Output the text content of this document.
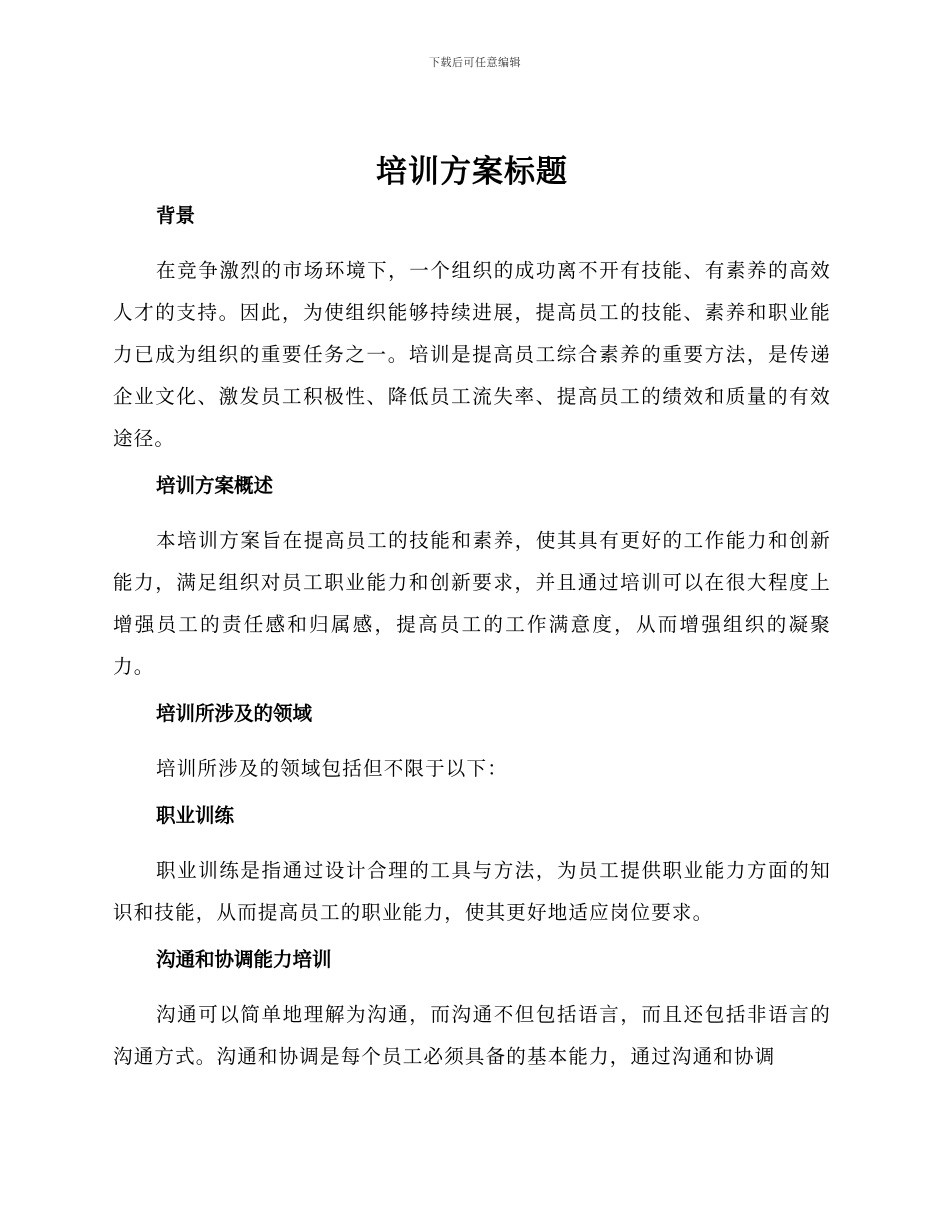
下载后可任意编辑
培训方案标题
背景

在竞争激烈的市场环境下，一个组织的成功离不开有技能、有素养的高效人才的支持。因此，为使组织能够持续进展，提高员工的技能、素养和职业能力已成为组织的重要任务之一。培训是提高员工综合素养的重要方法，是传递企业文化、激发员工积极性、降低员工流失率、提高员工的绩效和质量的有效途径。

培训方案概述

本培训方案旨在提高员工的技能和素养，使其具有更好的工作能力和创新能力，满足组织对员工职业能力和创新要求，并且通过培训可以在很大程度上增强员工的责任感和归属感，提高员工的工作满意度，从而增强组织的凝聚力。

培训所涉及的领域

培训所涉及的领域包括但不限于以下：

职业训练

职业训练是指通过设计合理的工具与方法，为员工提供职业能力方面的知识和技能，从而提高员工的职业能力，使其更好地适应岗位要求。

沟通和协调能力培训

沟通可以简单地理解为沟通，而沟通不但包括语言，而且还包括非语言的沟通方式。沟通和协调是每个员工必须具备的基本能力，通过沟通和协调
